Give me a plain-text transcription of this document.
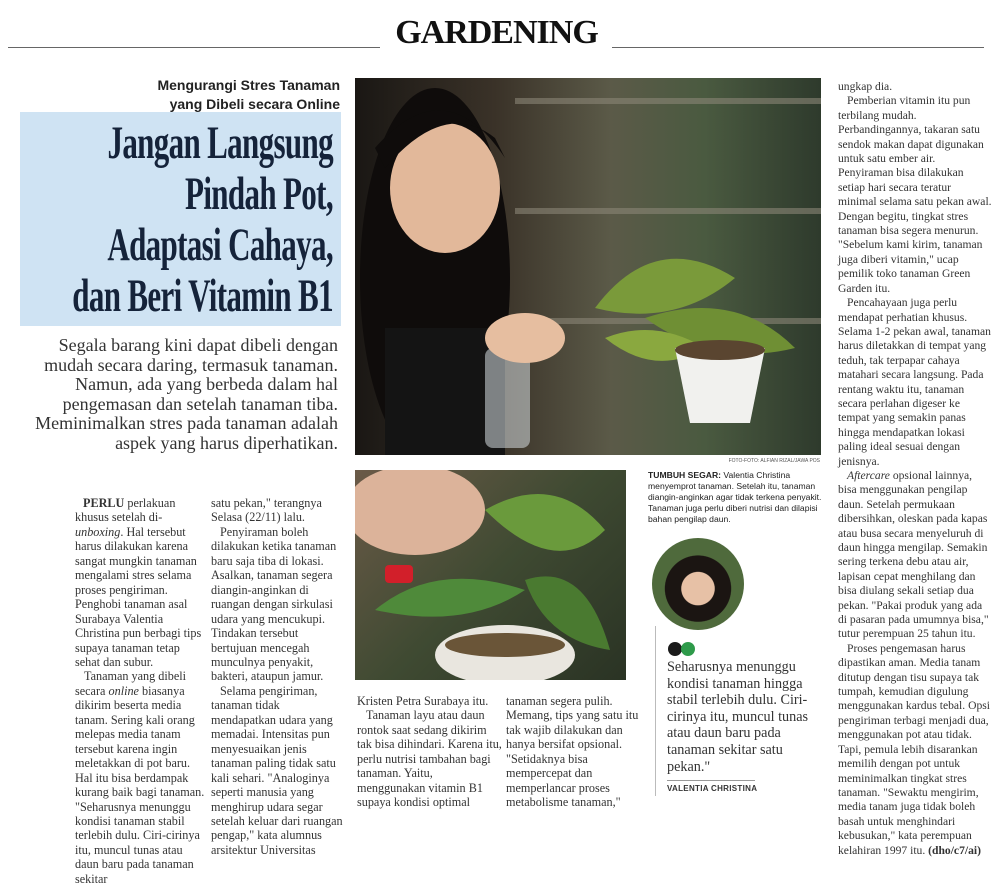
GARDENING
Mengurangi Stres Tanaman
yang Dibeli secara Online
Jangan Langsung
Pindah Pot,
Adaptasi Cahaya,
dan Beri Vitamin B1
Segala barang kini dapat dibeli dengan mudah secara daring, termasuk tanaman. Namun, ada yang berbeda dalam hal pengemasan dan setelah tanaman tiba. Meminimalkan stres pada tanaman adalah aspek yang harus diperhatikan.

PERLU perlakuan khusus setelah di-unboxing. Hal tersebut harus dilakukan karena sangat mungkin tanaman mengalami stres selama proses pengiriman. Penghobi tanaman asal Surabaya Valentia Christina pun berbagi tips supaya tanaman tetap sehat dan subur.

Tanaman yang dibeli secara online biasanya dikirim beserta media tanam. Sering kali orang melepas media tanam tersebut karena ingin meletakkan di pot baru. Hal itu bisa berdampak kurang baik bagi tanaman. "Seharusnya menunggu kondisi tanaman stabil terlebih dulu. Ciri-cirinya itu, muncul tunas atau daun baru pada tanaman sekitar

satu pekan," terangnya Selasa (22/11) lalu.

Penyiraman boleh dilakukan ketika tanaman baru saja tiba di lokasi. Asalkan, tanaman segera diangin-anginkan di ruangan dengan sirkulasi udara yang mencukupi. Tindakan tersebut bertujuan mencegah munculnya penyakit, bakteri, ataupun jamur.

Selama pengiriman, tanaman tidak mendapatkan udara yang memadai. Intensitas pun menyesuaikan jenis tanaman paling tidak satu kali sehari. "Analoginya seperti manusia yang menghirup udara segar setelah keluar dari ruangan pengap," kata alumnus arsitektur Universitas

FOTO-FOTO: ALFIAN RIZAL/JAWA POS
TUMBUH SEGAR: Valentia Christina menyemprot tanaman. Setelah itu, tanaman diangin-anginkan agar tidak terkena penyakit. Tanaman juga perlu diberi nutrisi dan dilapisi bahan pengilap daun.
Seharusnya menunggu kondisi tanaman hingga stabil terlebih dulu. Ciri-cirinya itu, muncul tunas atau daun baru pada tanaman sekitar satu pekan."
VALENTIA CHRISTINA

Kristen Petra Surabaya itu.

Tanaman layu atau daun rontok saat sedang dikirim tak bisa dihindari. Karena itu, perlu nutrisi tambahan bagi tanaman. Yaitu, menggunakan vitamin B1 supaya kondisi optimal

tanaman segera pulih. Memang, tips yang satu itu tak wajib dilakukan dan hanya bersifat opsional. "Setidaknya bisa mempercepat dan memperlancar proses metabolisme tanaman,"

ungkap dia.

Pemberian vitamin itu pun terbilang mudah. Perbandingannya, takaran satu sendok makan dapat digunakan untuk satu ember air. Penyiraman bisa dilakukan setiap hari secara teratur minimal selama satu pekan awal. Dengan begitu, tingkat stres tanaman bisa segera menurun. "Sebelum kami kirim, tanaman juga diberi vitamin," ucap pemilik toko tanaman Green Garden itu.

Pencahayaan juga perlu mendapat perhatian khusus. Selama 1-2 pekan awal, tanaman harus diletakkan di tempat yang teduh, tak terpapar cahaya matahari secara langsung. Pada rentang waktu itu, tanaman secara perlahan digeser ke tempat yang semakin panas hingga mendapatkan lokasi paling ideal sesuai dengan jenisnya.

Aftercare opsional lainnya, bisa menggunakan pengilap daun. Setelah permukaan dibersihkan, oleskan pada kapas atau busa secara menyeluruh di daun hingga mengilap. Semakin sering terkena debu atau air, lapisan cepat menghilang dan bisa diulang sekali setiap dua pekan. "Pakai produk yang ada di pasaran pada umumnya bisa," tutur perempuan 25 tahun itu.

Proses pengemasan harus dipastikan aman. Media tanam ditutup dengan tisu supaya tak tumpah, kemudian digulung menggunakan kardus tebal. Opsi pengiriman terbagi menjadi dua, menggunakan pot atau tidak. Tapi, pemula lebih disarankan memilih dengan pot untuk meminimalkan tingkat stres tanaman. "Sewaktu mengirim, media tanam juga tidak boleh basah untuk menghindari kebusukan," kata perempuan kelahiran 1997 itu. (dho/c7/ai)
